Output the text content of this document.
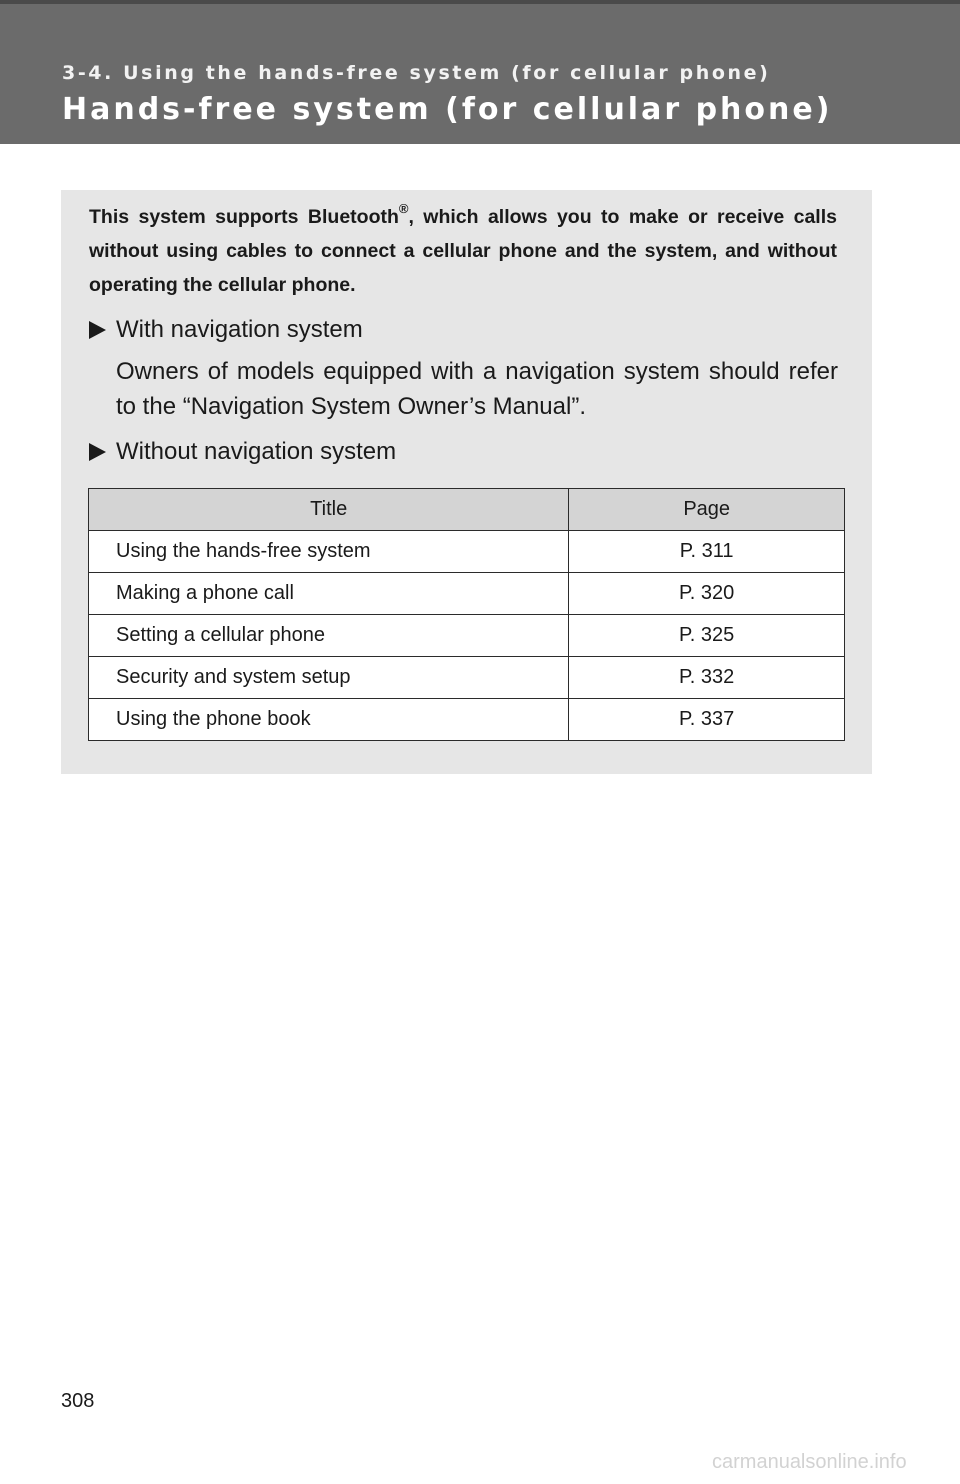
3-4. Using the hands-free system (for cellular phone)
Hands-free system (for cellular phone)
This system supports Bluetooth®, which allows you to make or receive calls without using cables to connect a cellular phone and the system, and without operating the cellular phone.
With navigation system
Owners of models equipped with a navigation system should refer to the “Navigation System Owner’s Manual”.
Without navigation system
Title	Page
Using the hands-free system	P. 311
Making a phone call	P. 320
Setting a cellular phone	P. 325
Security and system setup	P. 332
Using the phone book	P. 337
308
carmanualsonline.info
